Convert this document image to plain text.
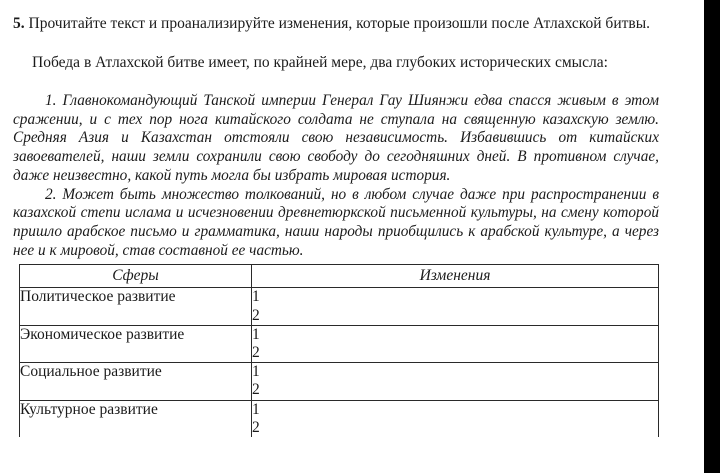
5. Прочитайте текст и проанализируйте изменения, которые произошли после Атлахской битвы.
Победа в Атлахской битве имеет, по крайней мере, два глубоких исторических смысла:
1. Главнокомандующий Танской империи Генерал Гау Шиянжи едва спасся живым в этом сражении, и с тех пор нога китайского солдата не ступала на священную казахскую землю. Средняя Азия и Казахстан отстояли свою независимость. Избавившись от китайских завоевателей, наши земли сохранили свою свободу до сегодняшних дней. В противном случае, даже неизвестно, какой путь могла бы избрать мировая история.
2. Может быть множество толкований, но в любом случае даже при распространении в казахской степи ислама и исчезновении древнетюркской письменной культуры, на смену которой пришло арабское письмо и грамматика, наши народы приобщились к арабской культуре, а через нее и к мировой, став составной ее частью.
Сферы	Изменения
Политическое развитие	1
2

Экономическое развитие	1
2

Социальное развитие	1
2

Культурное развитие	1
2
